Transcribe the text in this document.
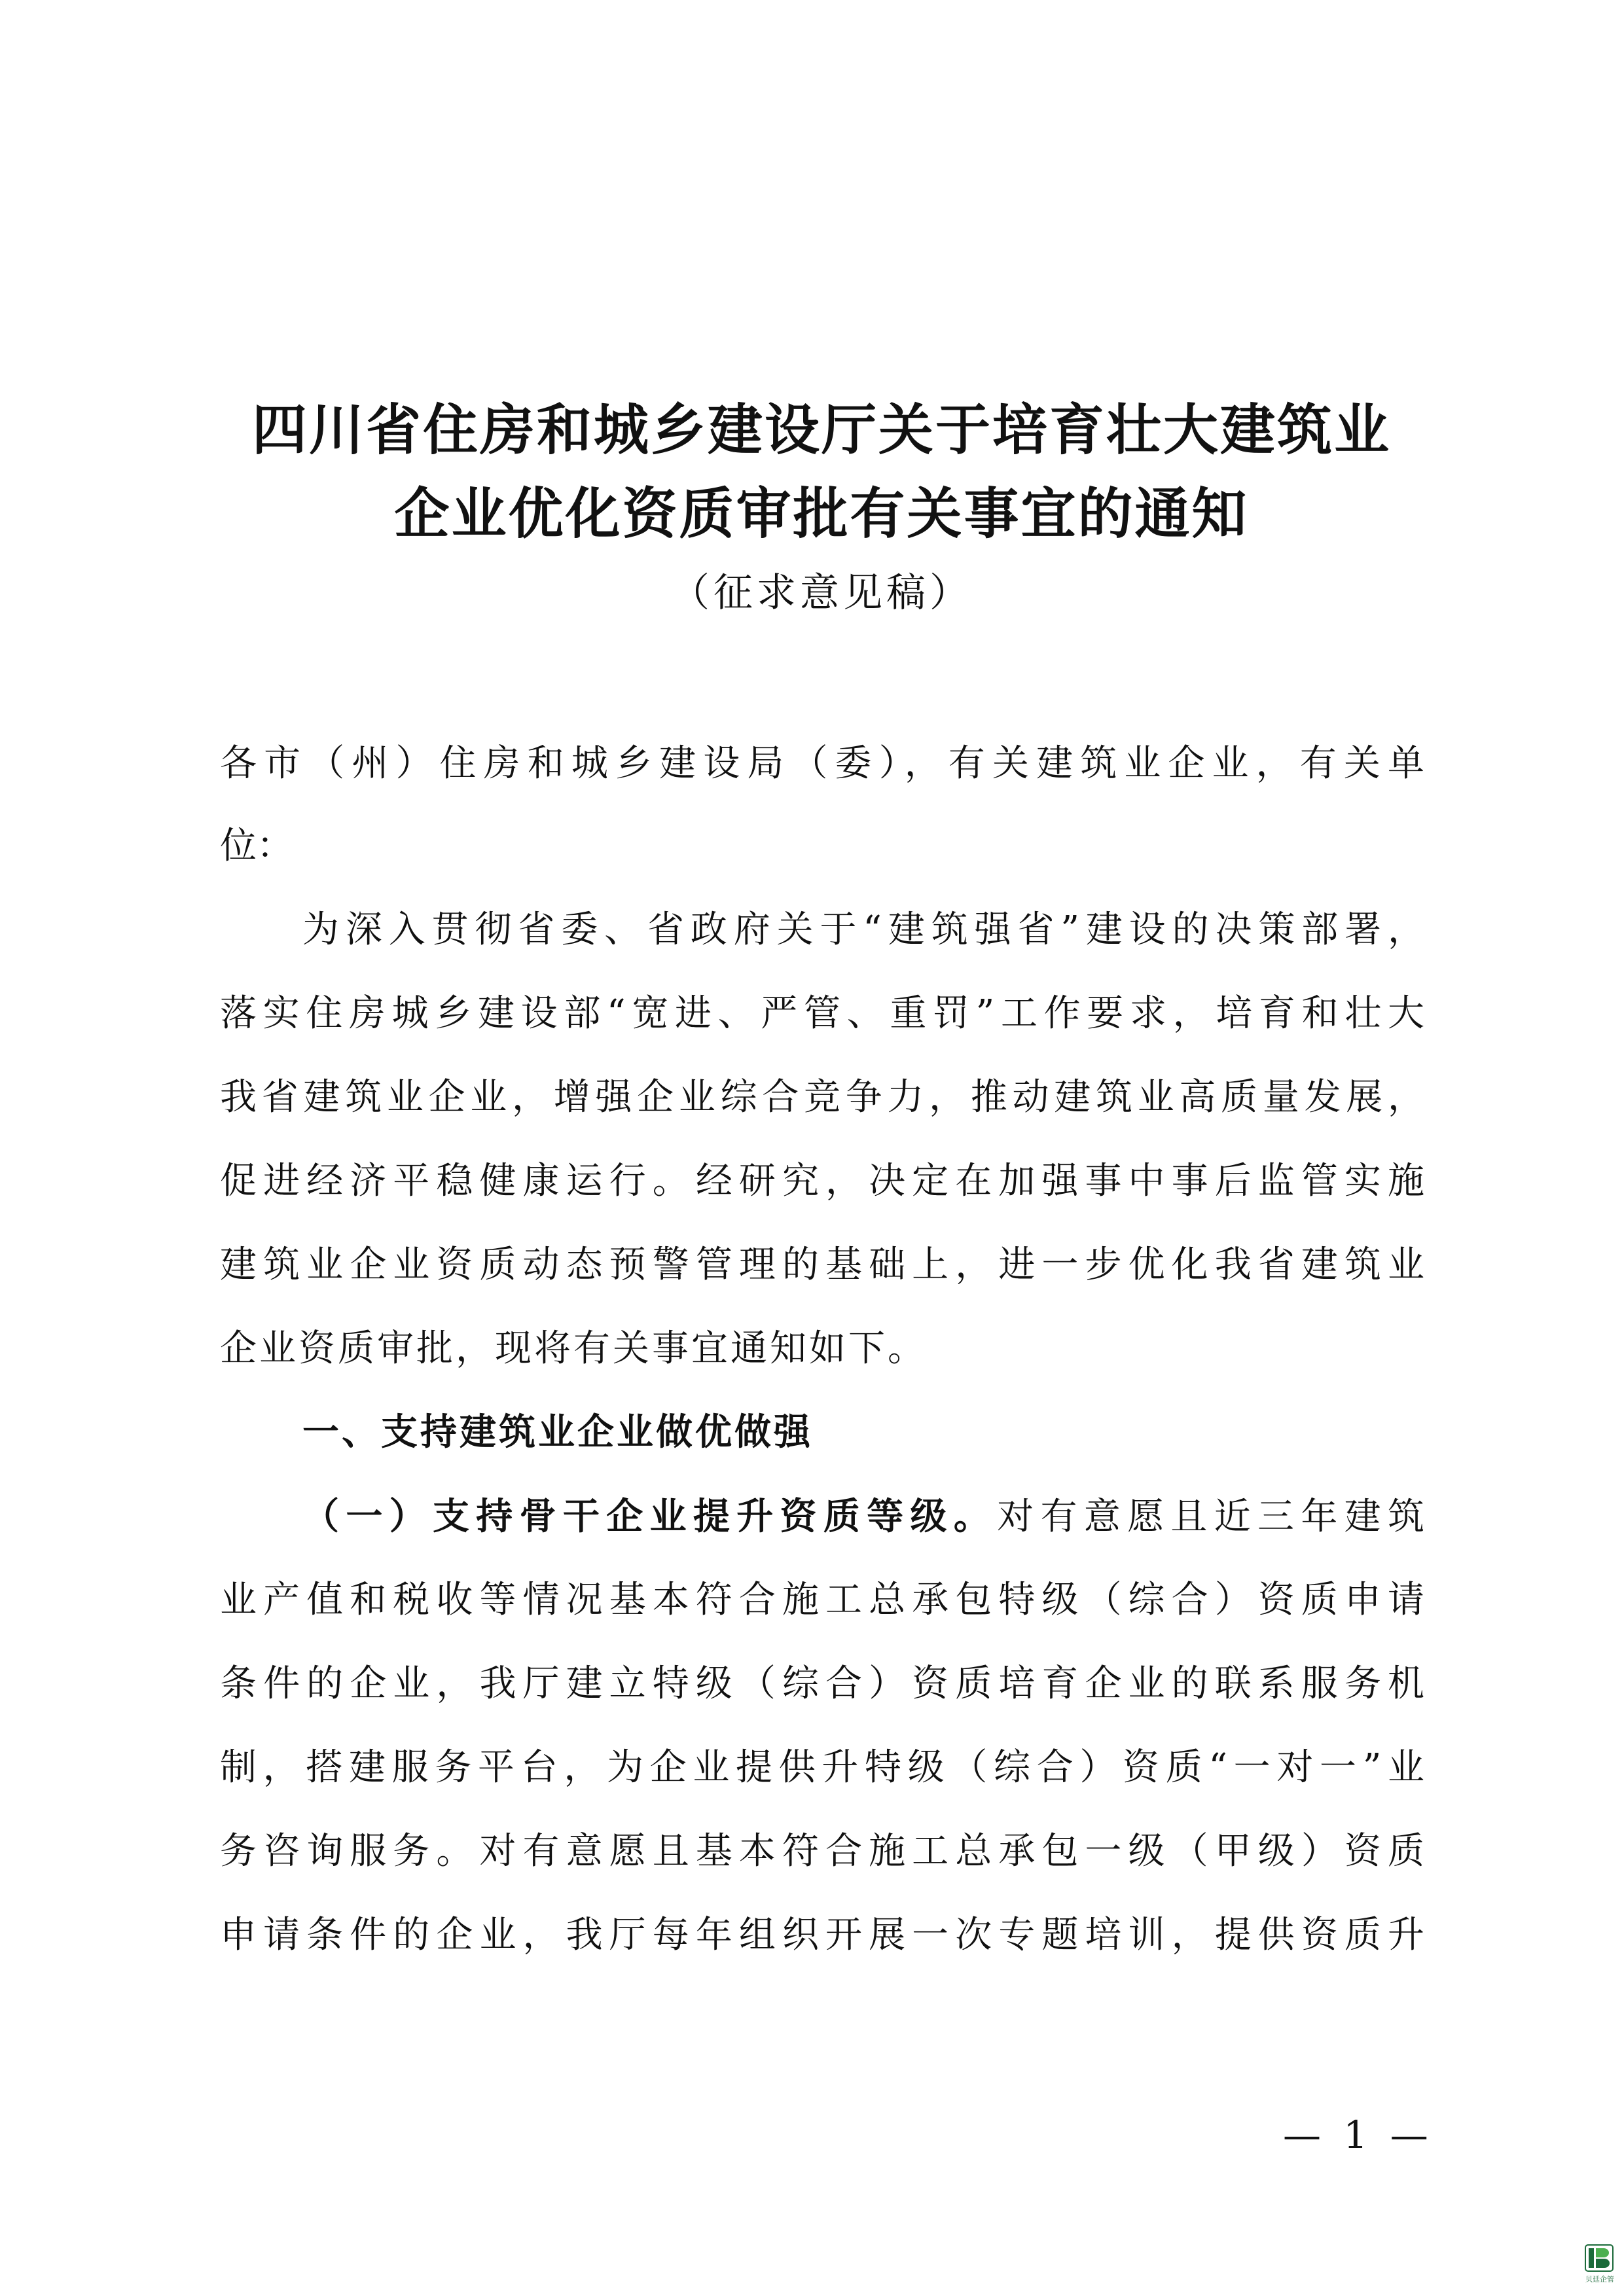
四川省住房和城乡建设厅关于培育壮大建筑业
企业优化资质审批有关事宜的通知
（征求意见稿）
各市（州）住房和城乡建设局（委），有关建筑业企业，有关单
位：
为深入贯彻省委、省政府关于“建筑强省”建设的决策部署，
落实住房城乡建设部“宽进、严管、重罚”工作要求，培育和壮大
我省建筑业企业，增强企业综合竞争力，推动建筑业高质量发展，
促进经济平稳健康运行。经研究，决定在加强事中事后监管实施
建筑业企业资质动态预警管理的基础上，进一步优化我省建筑业
企业资质审批，现将有关事宜通知如下。
一、支持建筑业企业做优做强
（一）支持骨干企业提升资质等级。对有意愿且近三年建筑
业产值和税收等情况基本符合施工总承包特级（综合）资质申请
条件的企业，我厅建立特级（综合）资质培育企业的联系服务机
制，搭建服务平台，为企业提供升特级（综合）资质“一对一”业
务咨询服务。对有意愿且基本符合施工总承包一级（甲级）资质
申请条件的企业，我厅每年组织开展一次专题培训，提供资质升
— 1 —
贝廷企管
